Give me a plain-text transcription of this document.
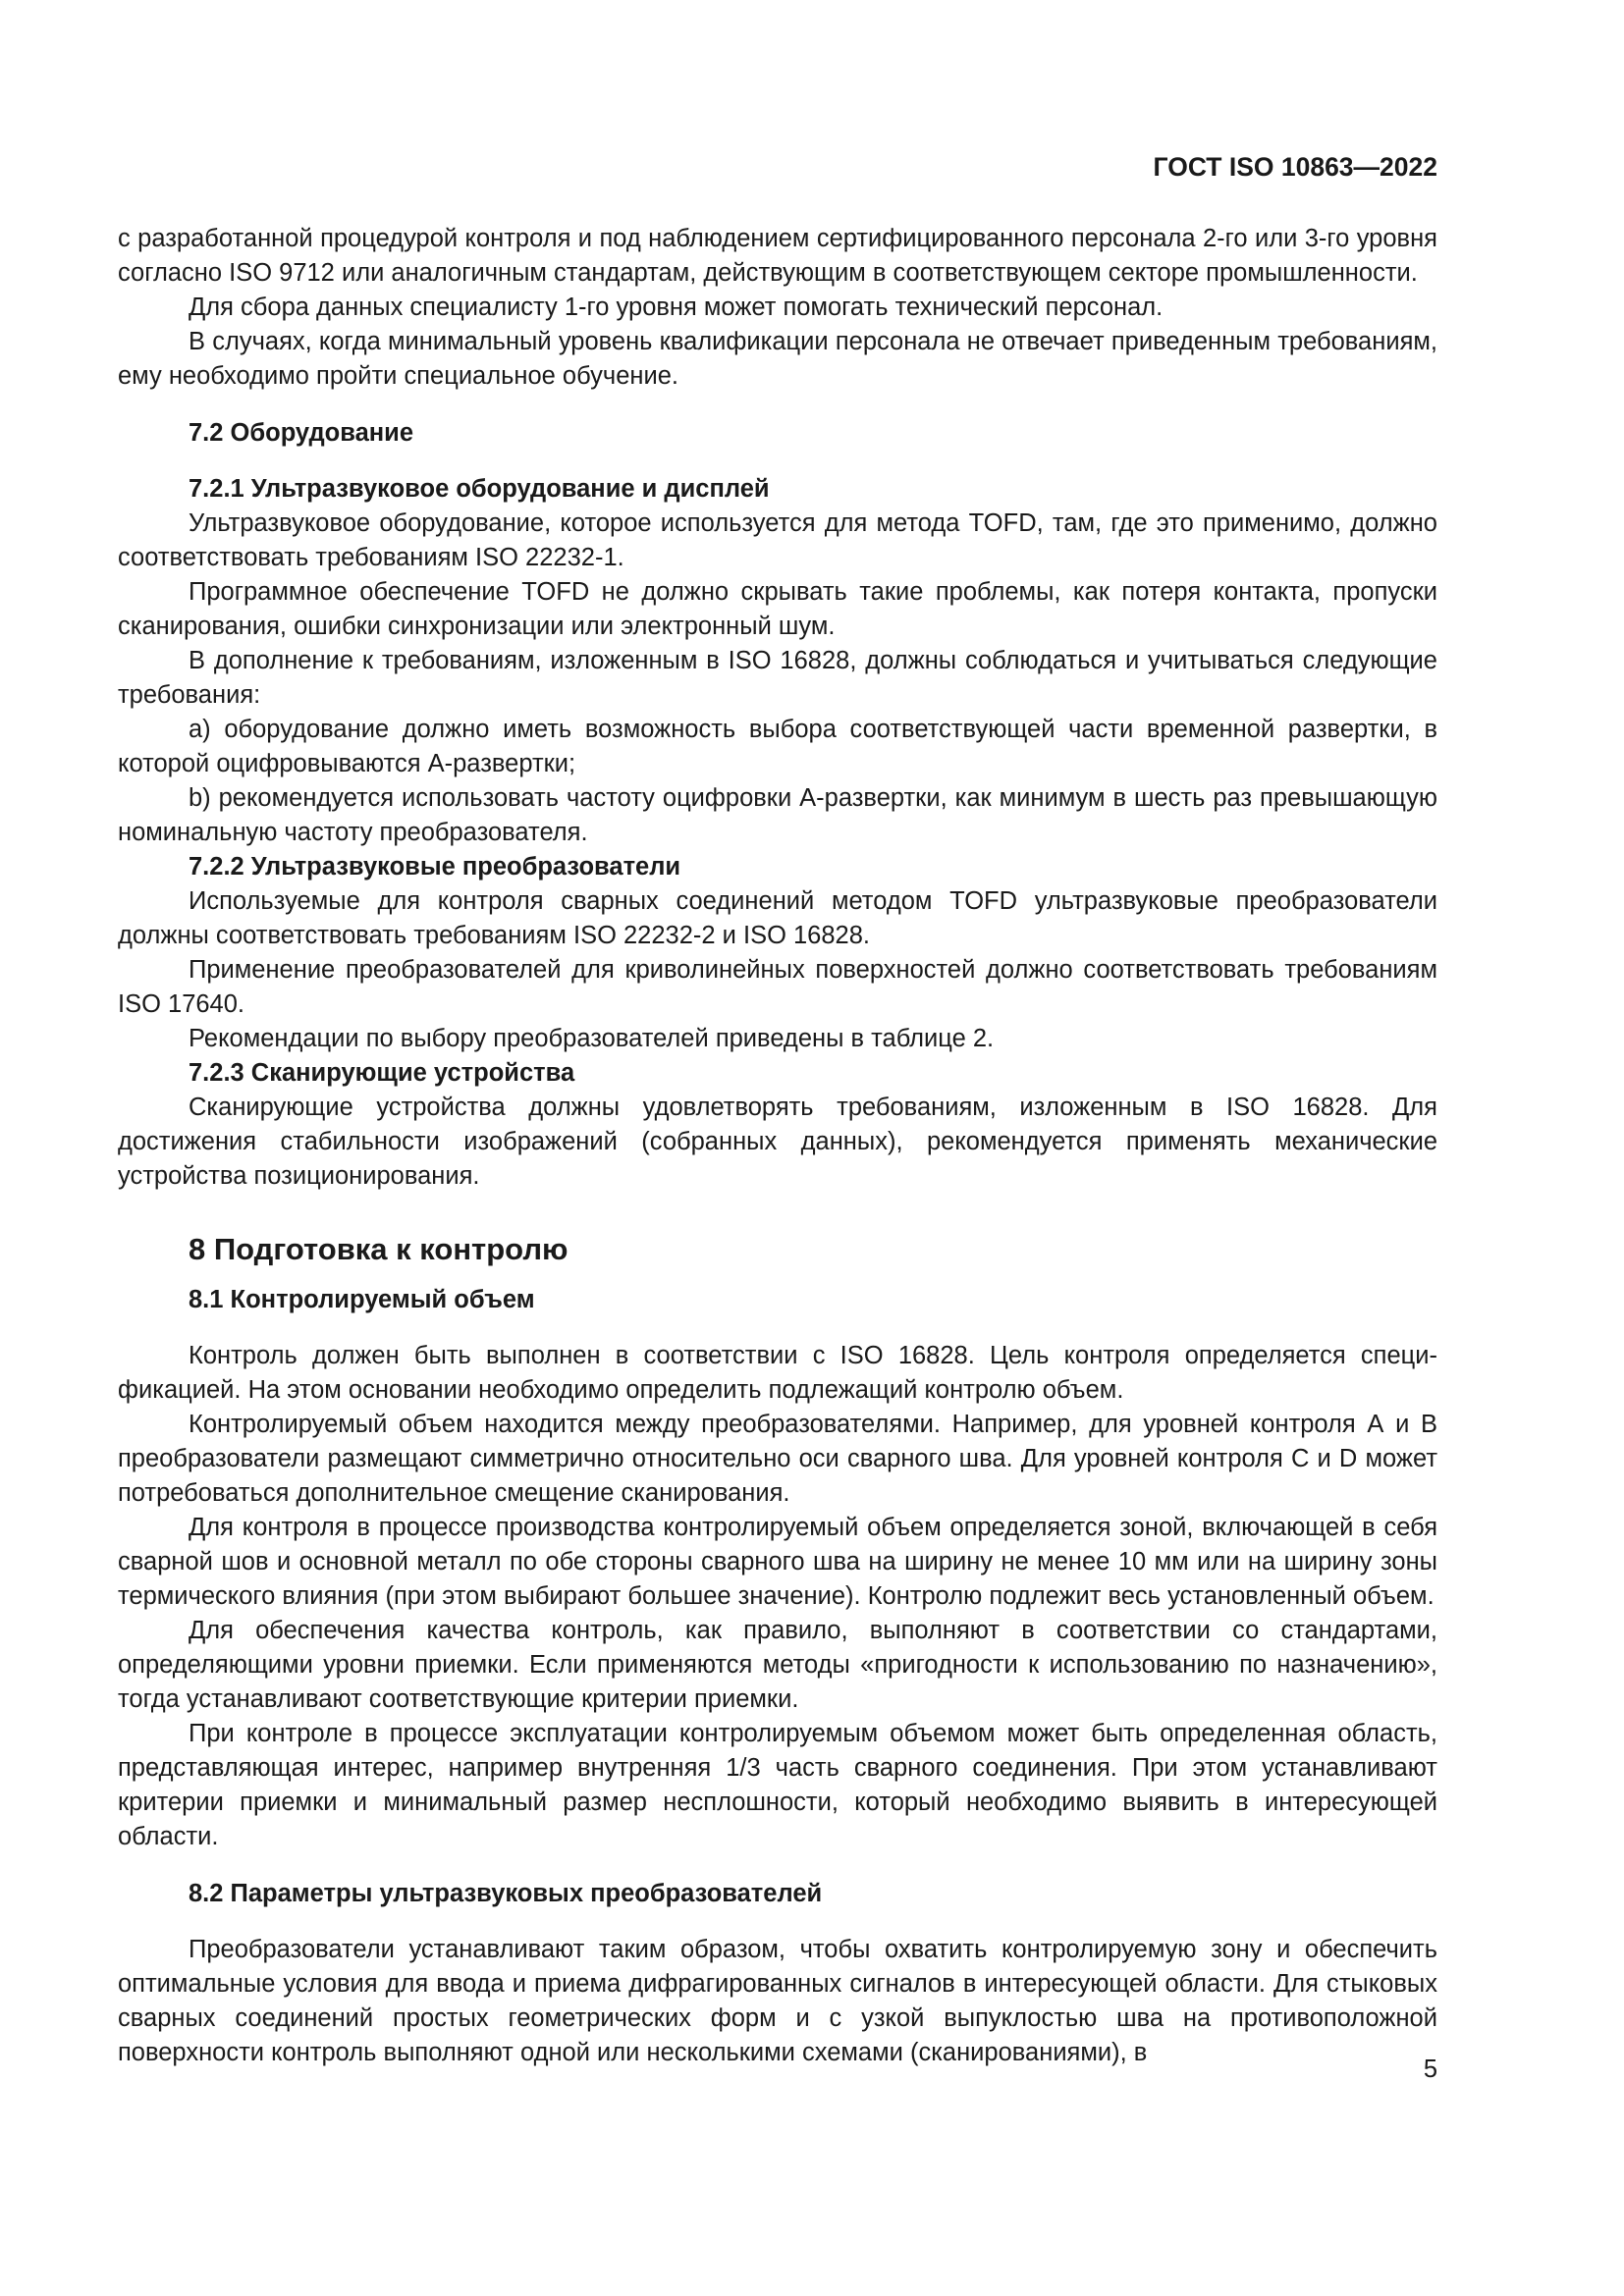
ГОСТ ISO 10863—2022

с разработанной процедурой контроля и под наблюдением сертифицированного персонала 2-го или 3-го уровня согласно ISO 9712 или аналогичным стандартам, действующим в соответствующем секторе промышленности.

Для сбора данных специалисту 1-го уровня может помогать технический персонал.

В случаях, когда минимальный уровень квалификации персонала не отвечает приведенным требованиям, ему необходимо пройти специальное обучение.

7.2 Оборудование
7.2.1 Ультразвуковое оборудование и дисплей

Ультразвуковое оборудование, которое используется для метода TOFD, там, где это применимо, должно соответствовать требованиям ISO 22232-1.

Программное обеспечение TOFD не должно скрывать такие проблемы, как потеря контакта, пропуски сканирования, ошибки синхронизации или электронный шум.

В дополнение к требованиям, изложенным в ISO 16828, должны соблюдаться и учитываться следующие требования:

a) оборудование должно иметь возможность выбора соответствующей части временной развертки, в которой оцифровываются А-развертки;

b) рекомендуется использовать частоту оцифровки А-развертки, как минимум в шесть раз превышающую номинальную частоту преобразователя.

7.2.2 Ультразвуковые преобразователи

Используемые для контроля сварных соединений методом TOFD ультразвуковые преобразователи должны соответствовать требованиям ISO 22232-2 и ISO 16828.

Применение преобразователей для криволинейных поверхностей должно соответствовать требованиям ISO 17640.

Рекомендации по выбору преобразователей приведены в таблице 2.

7.2.3 Сканирующие устройства

Сканирующие устройства должны удовлетворять требованиям, изложенным в ISO 16828. Для достижения стабильности изображений (собранных данных), рекомендуется применять механические устройства позиционирования.

8 Подготовка к контролю
8.1 Контролируемый объем

Контроль должен быть выполнен в соответствии с ISO 16828. Цель контроля определяется спецификацией. На этом основании необходимо определить подлежащий контролю объем.

Контролируемый объем находится между преобразователями. Например, для уровней контроля А и В преобразователи размещают симметрично относительно оси сварного шва. Для уровней контроля С и D может потребоваться дополнительное смещение сканирования.

Для контроля в процессе производства контролируемый объем определяется зоной, включающей в себя сварной шов и основной металл по обе стороны сварного шва на ширину не менее 10 мм или на ширину зоны термического влияния (при этом выбирают большее значение). Контролю подлежит весь установленный объем.

Для обеспечения качества контроль, как правило, выполняют в соответствии со стандартами, определяющими уровни приемки. Если применяются методы «пригодности к использованию по назначению», тогда устанавливают соответствующие критерии приемки.

При контроле в процессе эксплуатации контролируемым объемом может быть определенная область, представляющая интерес, например внутренняя 1/3 часть сварного соединения. При этом устанавливают критерии приемки и минимальный размер несплошности, который необходимо выявить в интересующей области.

8.2 Параметры ультразвуковых преобразователей

Преобразователи устанавливают таким образом, чтобы охватить контролируемую зону и обеспечить оптимальные условия для ввода и приема дифрагированных сигналов в интересующей области. Для стыковых сварных соединений простых геометрических форм и с узкой выпуклостью шва на противоположной поверхности контроль выполняют одной или несколькими схемами (сканированиями), в

5
